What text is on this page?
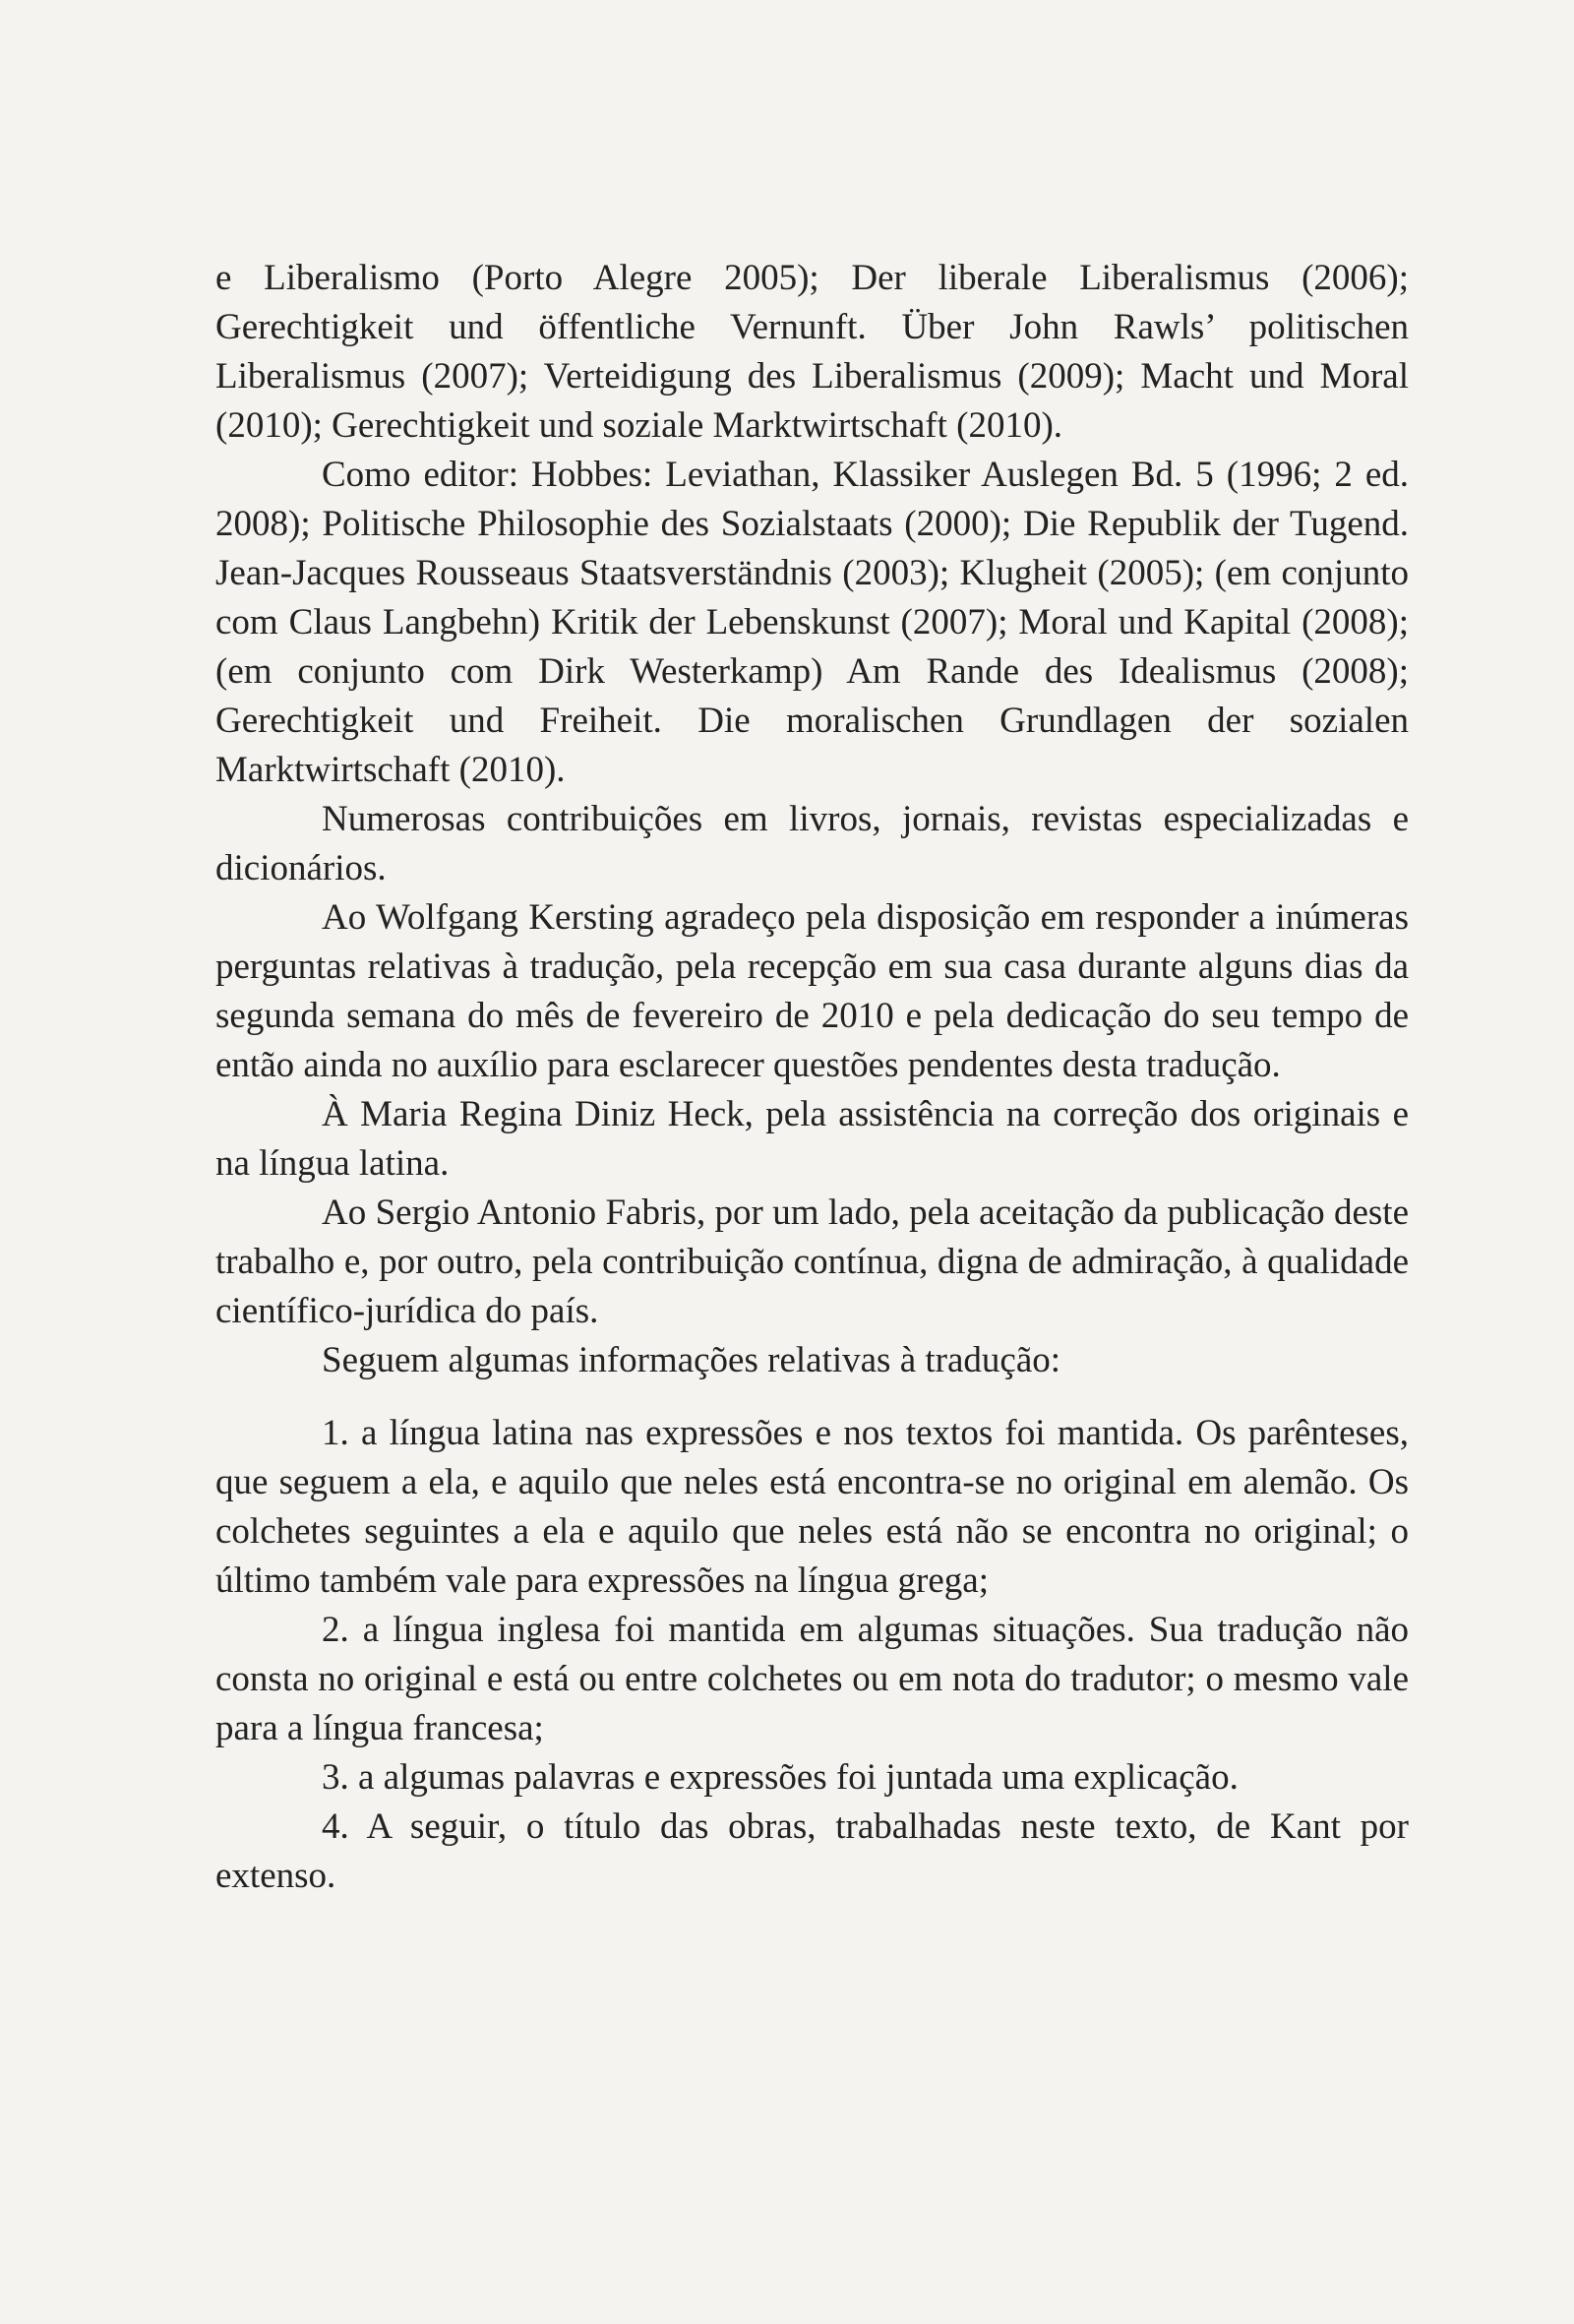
e Liberalismo (Porto Alegre 2005); Der liberale Liberalismus (2006); Gerechtigkeit und öffentliche Vernunft. Über John Rawls’ politischen Liberalismus (2007); Verteidigung des Liberalismus (2009); Macht und Moral (2010); Gerechtigkeit und soziale Marktwirtschaft (2010).

Como editor: Hobbes: Leviathan, Klassiker Auslegen Bd. 5 (1996; 2 ed. 2008); Politische Philosophie des Sozialstaats (2000); Die Republik der Tugend. Jean-Jacques Rousseaus Staatsverständnis (2003); Klugheit (2005); (em conjunto com Claus Langbehn) Kritik der Lebenskunst (2007); Moral und Kapital (2008); (em conjunto com Dirk Westerkamp) Am Rande des Idealismus (2008); Gerechtigkeit und Freiheit. Die moralischen Grundlagen der sozialen Marktwirtschaft (2010).

Numerosas contribuições em livros, jornais, revistas especializadas e dicionários.

Ao Wolfgang Kersting agradeço pela disposição em responder a inúmeras perguntas relativas à tradução, pela recepção em sua casa durante alguns dias da segunda semana do mês de fevereiro de 2010 e pela dedicação do seu tempo de então ainda no auxílio para esclarecer questões pendentes desta tradução.

À Maria Regina Diniz Heck, pela assistência na correção dos originais e na língua latina.

Ao Sergio Antonio Fabris, por um lado, pela aceitação da publicação deste trabalho e, por outro, pela contribuição contínua, digna de admiração, à qualidade científico-jurídica do país.

Seguem algumas informações relativas à tradução:

1. a língua latina nas expressões e nos textos foi mantida. Os parênteses, que seguem a ela, e aquilo que neles está encontra-se no original em alemão. Os colchetes seguintes a ela e aquilo que neles está não se encontra no original; o último também vale para expressões na língua grega;

2. a língua inglesa foi mantida em algumas situações. Sua tradução não consta no original e está ou entre colchetes ou em nota do tradutor; o mesmo vale para a língua francesa;

3. a algumas palavras e expressões foi juntada uma explicação.

4. A seguir, o título das obras, trabalhadas neste texto, de Kant por extenso.
